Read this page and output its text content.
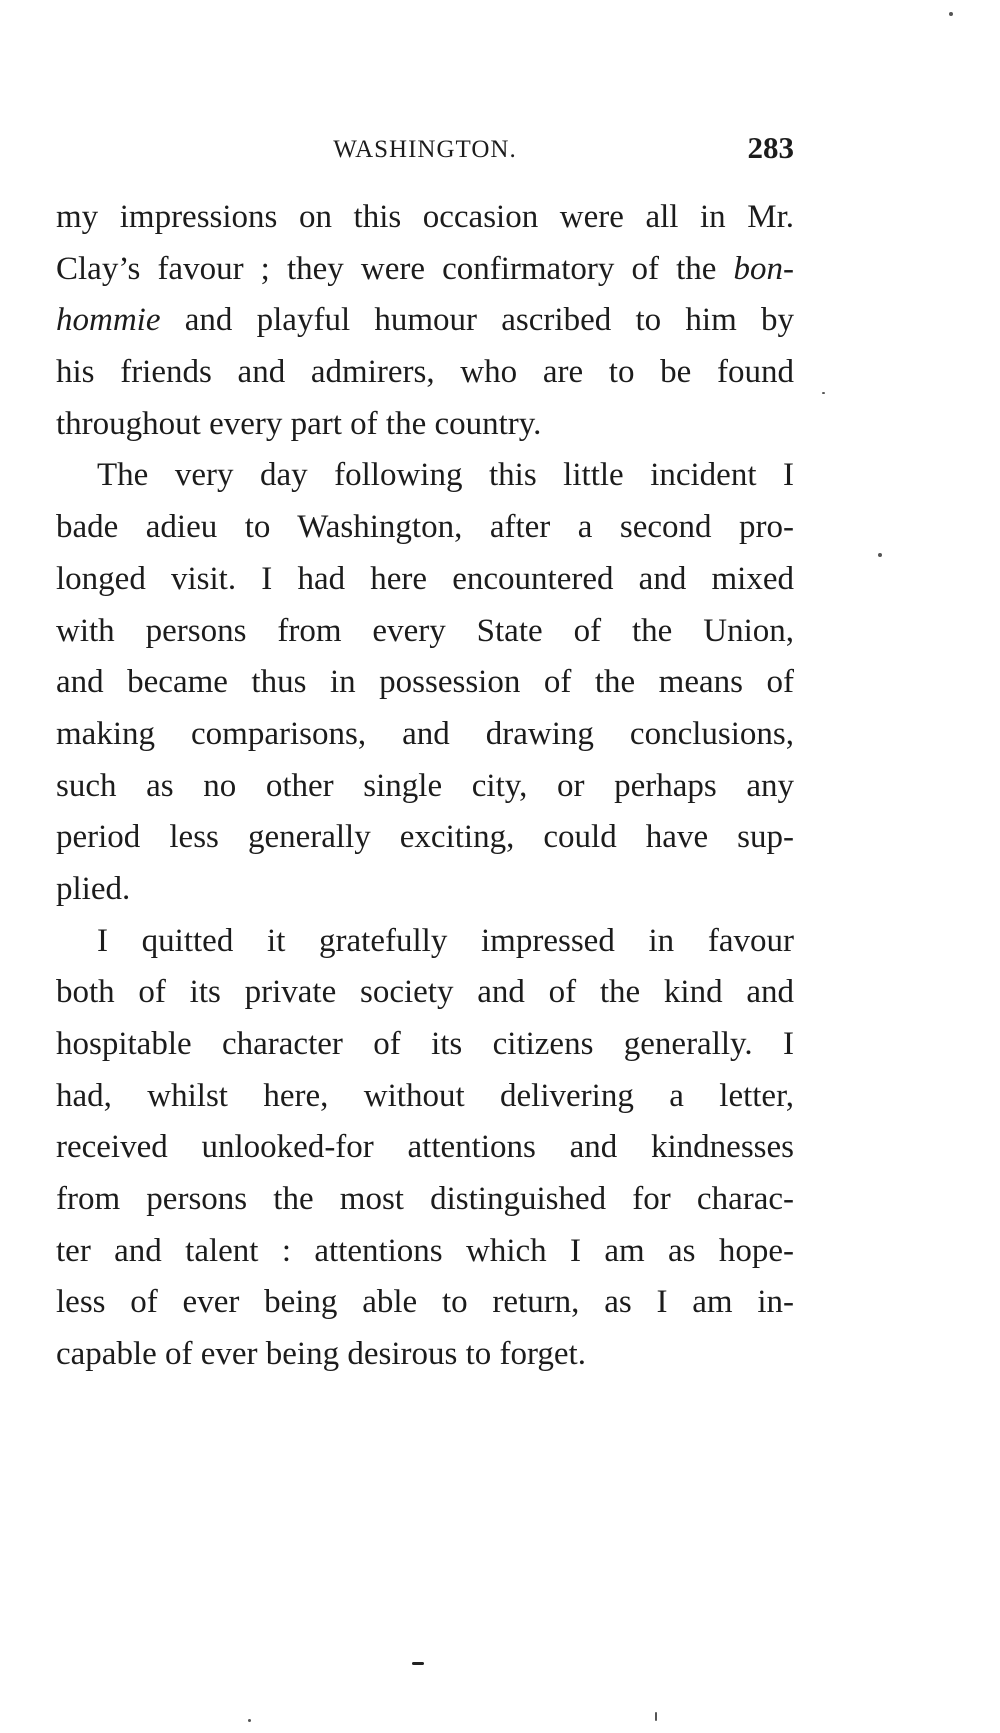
WASHINGTON.	283
my impressions on this occasion were all in Mr.
Clay’s favour ; they were confirmatory of the bon-
hommie and playful humour ascribed to him by
his friends and admirers, who are to be found
throughout every part of the country.
The very day following this little incident I
bade adieu to Washington, after a second pro-
longed visit. I had here encountered and mixed
with persons from every State of the Union,
and became thus in possession of the means of
making comparisons, and drawing conclusions,
such as no other single city, or perhaps any
period less generally exciting, could have sup-
plied.
I quitted it gratefully impressed in favour
both of its private society and of the kind and
hospitable character of its citizens generally. I
had, whilst here, without delivering a letter,
received unlooked-for attentions and kindnesses
from persons the most distinguished for charac-
ter and talent : attentions which I am as hope-
less of ever being able to return, as I am in-
capable of ever being desirous to forget.
